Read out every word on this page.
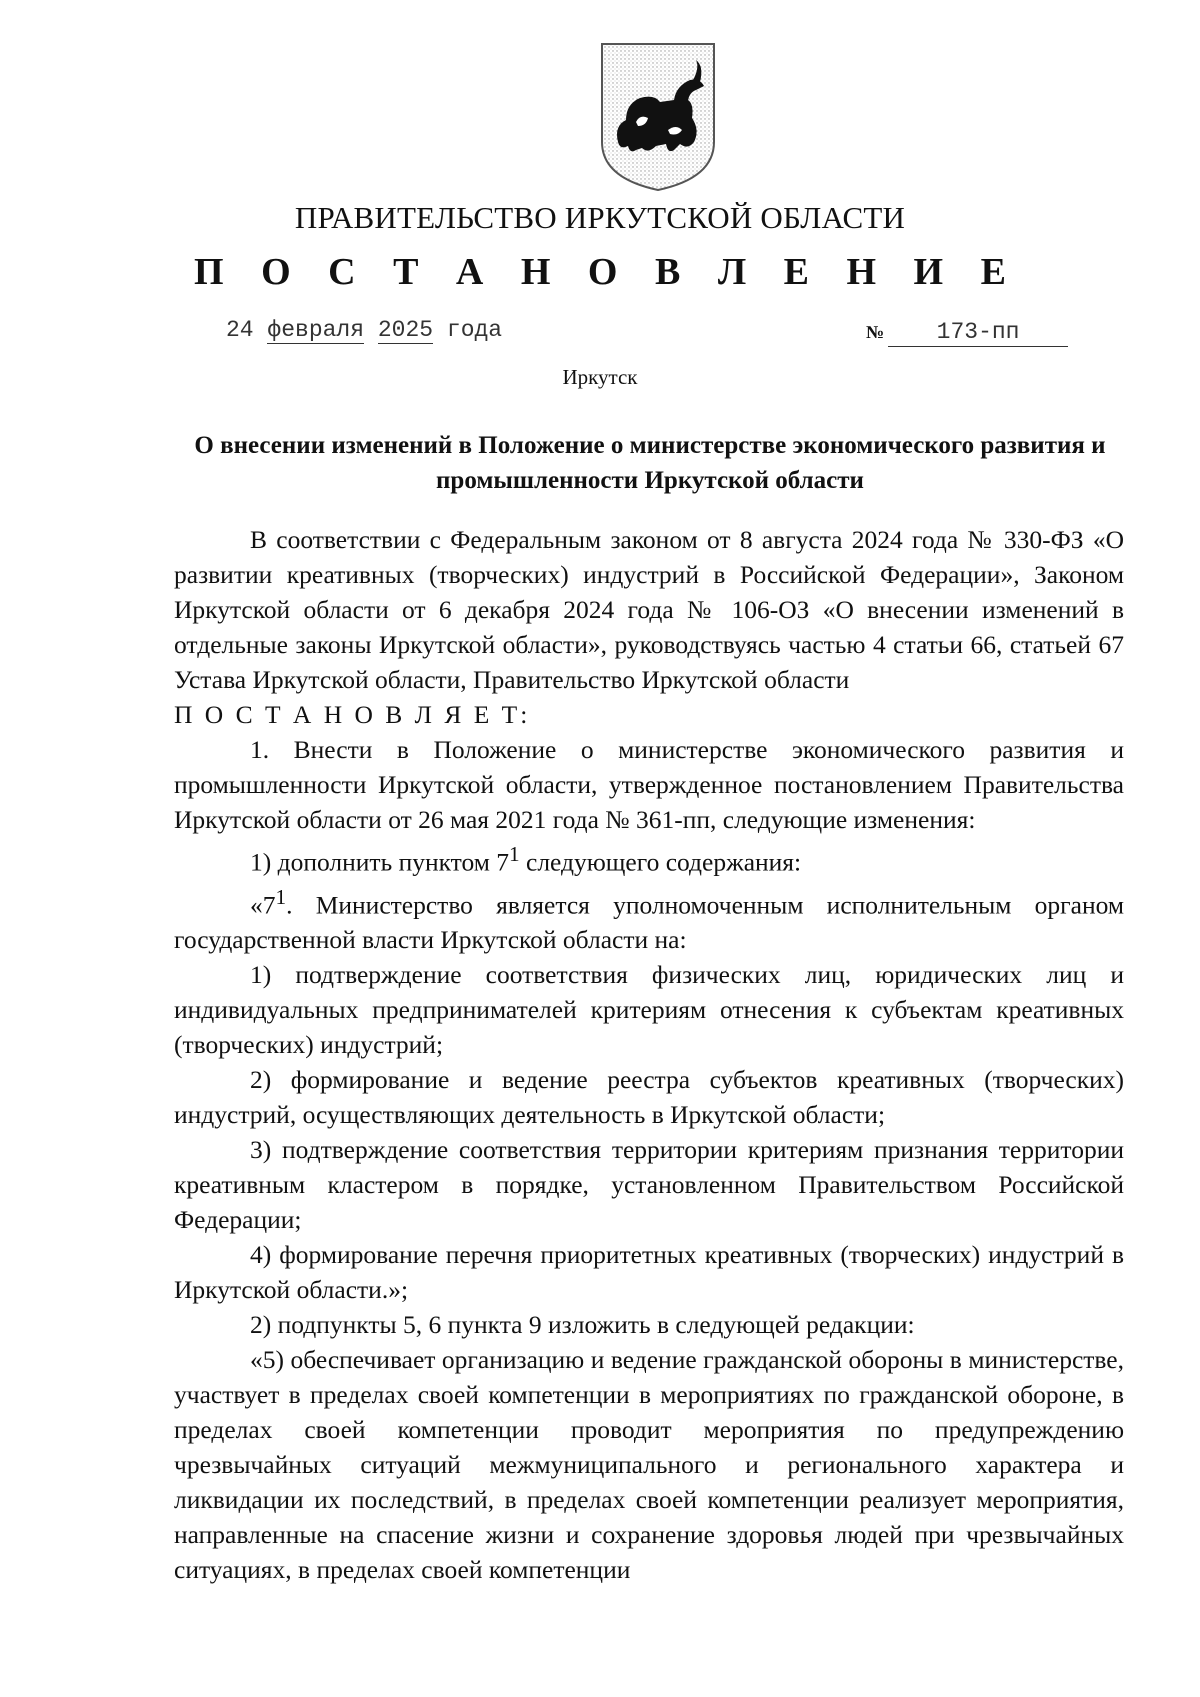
ПРАВИТЕЛЬСТВО ИРКУТСКОЙ ОБЛАСТИ
П О С Т А Н О В Л Е Н И Е
24 февраля 2025 года	№ 173-пп
Иркутск
О внесении изменений в Положение о министерстве экономического развития и промышленности Иркутской области

В соответствии с Федеральным законом от 8 августа 2024 года № 330-ФЗ «О развитии креативных (творческих) индустрий в Российской Федерации», Законом Иркутской области от 6 декабря 2024 года № 106-ОЗ «О внесении изменений в отдельные законы Иркутской области», руководствуясь частью 4 статьи 66, статьей 67 Устава Иркутской области, Правительство Иркутской области

П О С Т А Н О В Л Я Е Т:

1. Внести в Положение о министерстве экономического развития и промышленности Иркутской области, утвержденное постановлением Правительства Иркутской области от 26 мая 2021 года № 361-пп, следующие изменения:

1) дополнить пунктом $7^1$ следующего содержания:

«$7^1$. Министерство является уполномоченным исполнительным органом государственной власти Иркутской области на:

1) подтверждение соответствия физических лиц, юридических лиц и индивидуальных предпринимателей критериям отнесения к субъектам креативных (творческих) индустрий;

2) формирование и ведение реестра субъектов креативных (творческих) индустрий, осуществляющих деятельность в Иркутской области;

3) подтверждение соответствия территории критериям признания территории креативным кластером в порядке, установленном Правительством Российской Федерации;

4) формирование перечня приоритетных креативных (творческих) индустрий в Иркутской области.»;

2) подпункты 5, 6 пункта 9 изложить в следующей редакции:

«5) обеспечивает организацию и ведение гражданской обороны в министерстве, участвует в пределах своей компетенции в мероприятиях по гражданской обороне, в пределах своей компетенции проводит мероприятия по предупреждению чрезвычайных ситуаций межмуниципального и регионального характера и ликвидации их последствий, в пределах своей компетенции реализует мероприятия, направленные на спасение жизни и сохранение здоровья людей при чрезвычайных ситуациях, в пределах своей компетенции
